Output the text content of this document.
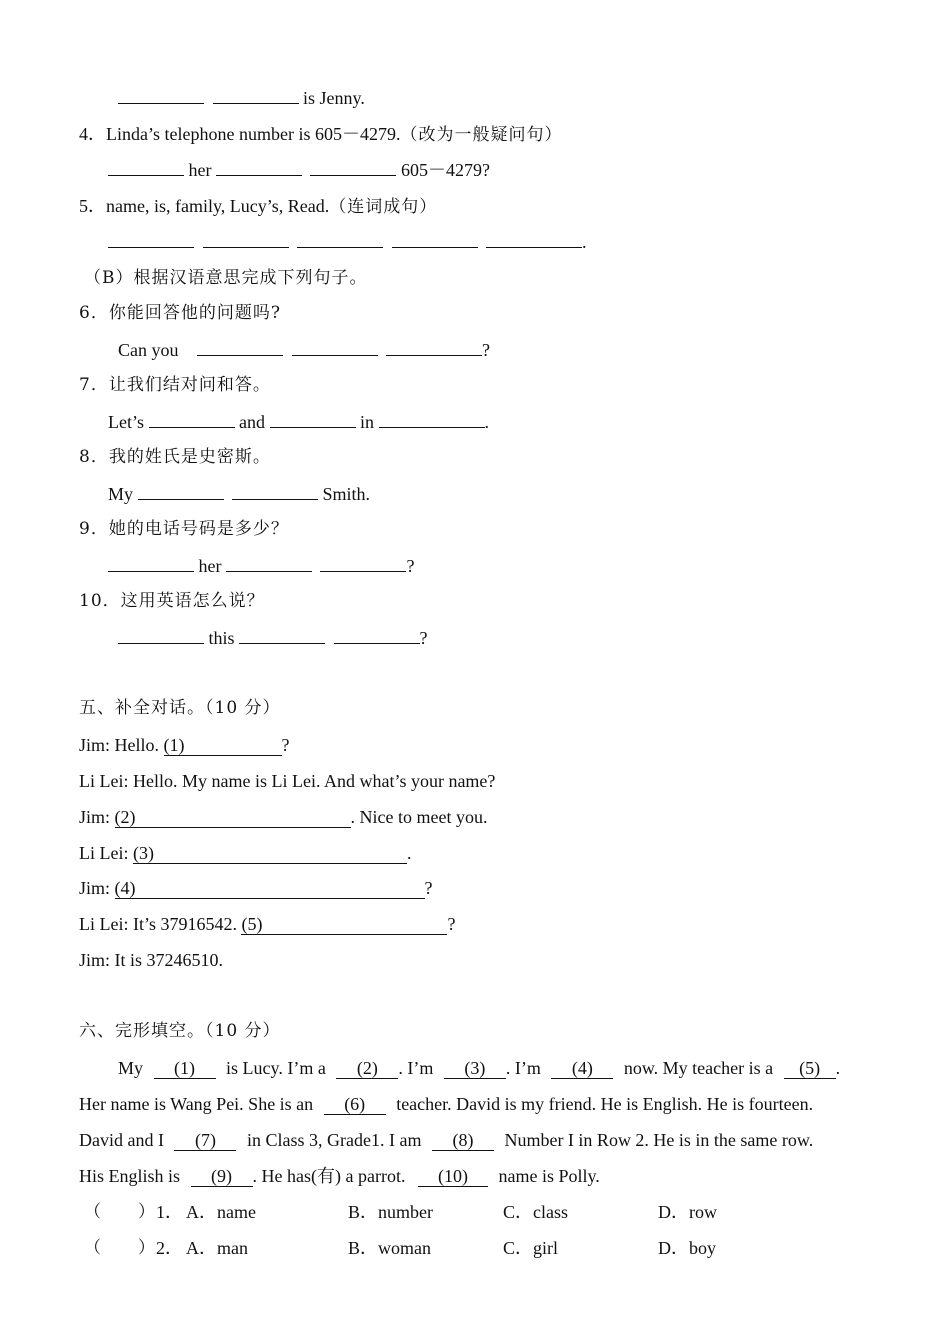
is Jenny.
4．Linda’s telephone number is 605－4279.（改为一般疑问句）
her	605－4279?
5．name, is, family, Lucy’s, Read.（连词成句）
.
（B）根据汉语意思完成下列句子。
6．你能回答他的问题吗?
Can you	?
7．让我们结对问和答。
Let’s	and	in	.
8．我的姓氏是史密斯。
My	Smith.
9．她的电话号码是多少？
her	?
10．这用英语怎么说？
this	?
五、补全对话。（10 分）
Jim: Hello. (1)	?
Li Lei: Hello. My name is Li Lei. And what’s your name?
Jim: (2)	. Nice to meet you.
Li Lei: (3)	.
Jim: (4)	?
Li Lei: It’s 37916542. (5)	?
Jim: It is 37246510.
六、完形填空。（10 分）
My (1) is Lucy. I’m a (2) . I’m (3) . I’m (4) now. My teacher is a (5) .
Her name is Wang Pei. She is an (6) teacher. David is my friend. He is English. He is fourteen.
David and I (7) in Class 3, Grade1. I am (8) Number I in Row 2. He is in the same row.
His English is (9) . He has(有) a parrot. (10) name is Polly.
（　　） 1． A．name	B．number	C．class	D．row
（　　） 2． A．man	B．woman	C．girl	D．boy
